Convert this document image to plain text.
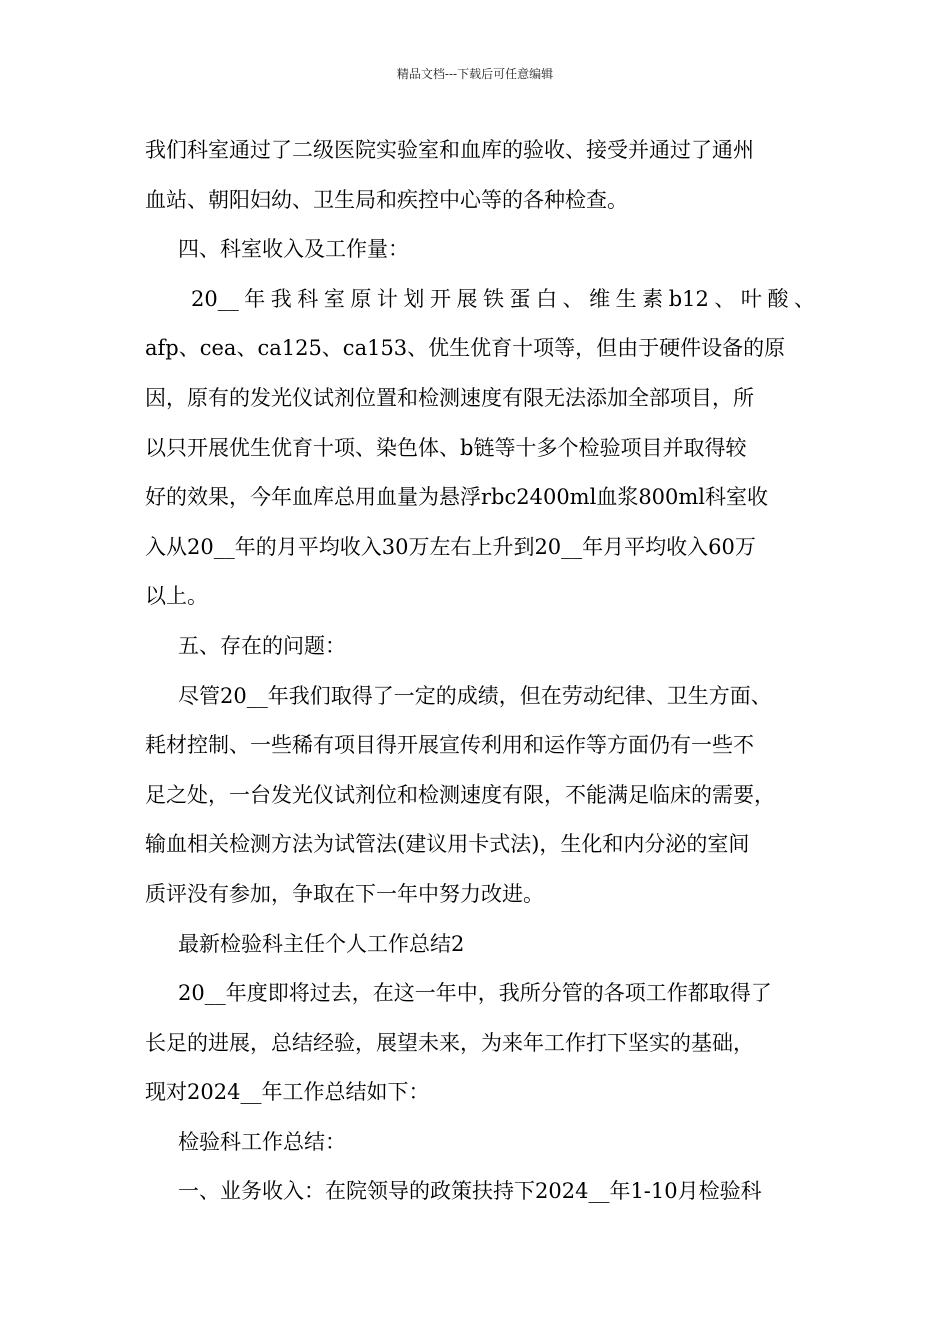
精品文档---下载后可任意编辑

我们科室通过了二级医院实验室和血库的验收、接受并通过了通州

血站、朝阳妇幼、卫生局和疾控中心等的各种检查。

四、科室收入及工作量：

20__年我科室原计划开展铁蛋白、维生素b12、叶酸、

afp、cea、ca125、ca153、优生优育十项等，但由于硬件设备的原

因，原有的发光仪试剂位置和检测速度有限无法添加全部项目，所

以只开展优生优育十项、染色体、b链等十多个检验项目并取得较

好的效果，今年血库总用血量为悬浮rbc2400ml血浆800ml科室收

入从20__年的月平均收入30万左右上升到20__年月平均收入60万

以上。

五、存在的问题：

尽管20__年我们取得了一定的成绩，但在劳动纪律、卫生方面、

耗材控制、一些稀有项目得开展宣传利用和运作等方面仍有一些不

足之处，一台发光仪试剂位和检测速度有限，不能满足临床的需要，

输血相关检测方法为试管法(建议用卡式法)，生化和内分泌的室间

质评没有参加，争取在下一年中努力改进。

最新检验科主任个人工作总结2

20__年度即将过去，在这一年中，我所分管的各项工作都取得了

长足的进展，总结经验，展望未来，为来年工作打下坚实的基础，

现对2024__年工作总结如下：

检验科工作总结：

一、业务收入：在院领导的政策扶持下2024__年1-10月检验科
